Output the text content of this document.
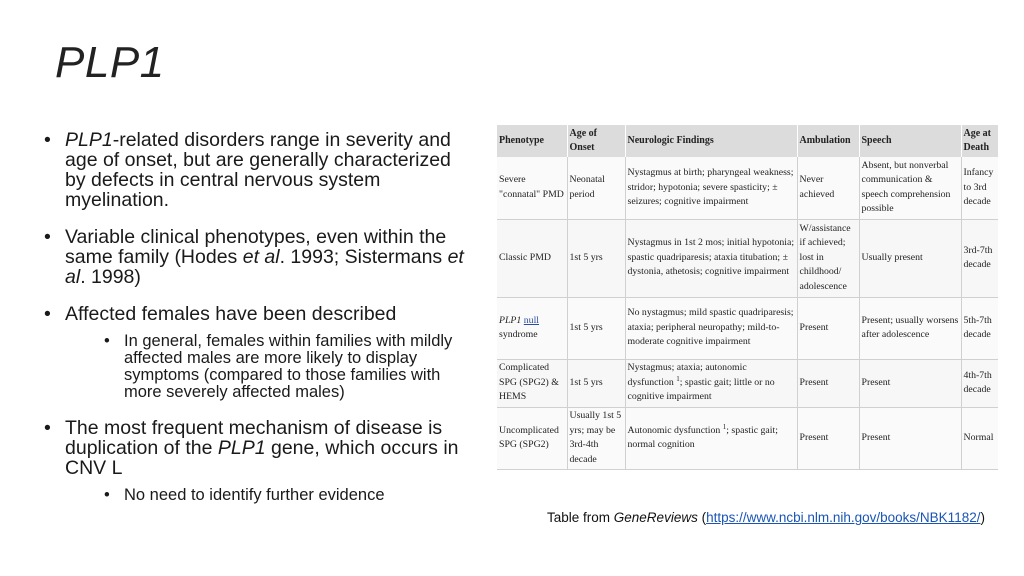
PLP1
• PLP1-related disorders range in severity and age of onset, but are generally characterized by defects in central nervous system myelination.
• Variable clinical phenotypes, even within the same family (Hodes et al. 1993; Sistermans et al. 1998)
• Affected females have been described
• In general, females within families with mildly affected males are more likely to display symptoms (compared to those families with more severely affected males)
• The most frequent mechanism of disease is duplication of the PLP1 gene, which occurs in CNV L
• No need to identify further evidence
Phenotype	Age of Onset	Neurologic Findings	Ambulation	Speech	Age at Death
Severe "connatal" PMD	Neonatal period	Nystagmus at birth; pharyngeal weakness; stridor; hypotonia; severe spasticity; ± seizures; cognitive impairment	Never achieved	Absent, but nonverbal communication & speech comprehension possible	Infancy to 3rd decade
Classic PMD	1st 5 yrs	Nystagmus in 1st 2 mos; initial hypotonia; spastic quadriparesis; ataxia titubation; ± dystonia, athetosis; cognitive impairment	W/assistance if achieved; lost in childhood/ adolescence	Usually present	3rd-7th decade
PLP1 null syndrome	1st 5 yrs	No nystagmus; mild spastic quadriparesis; ataxia; peripheral neuropathy; mild-to-moderate cognitive impairment	Present	Present; usually worsens after adolescence	5th-7th decade
Complicated SPG (SPG2) & HEMS	1st 5 yrs	Nystagmus; ataxia; autonomic dysfunction $^1$; spastic gait; little or no cognitive impairment	Present	Present	4th-7th decade
Uncomplicated SPG (SPG2)	Usually 1st 5 yrs; may be 3rd-4th decade	Autonomic dysfunction $^1$; spastic gait; normal cognition	Present	Present	Normal
Table from GeneReviews (https://www.ncbi.nlm.nih.gov/books/NBK1182/)
